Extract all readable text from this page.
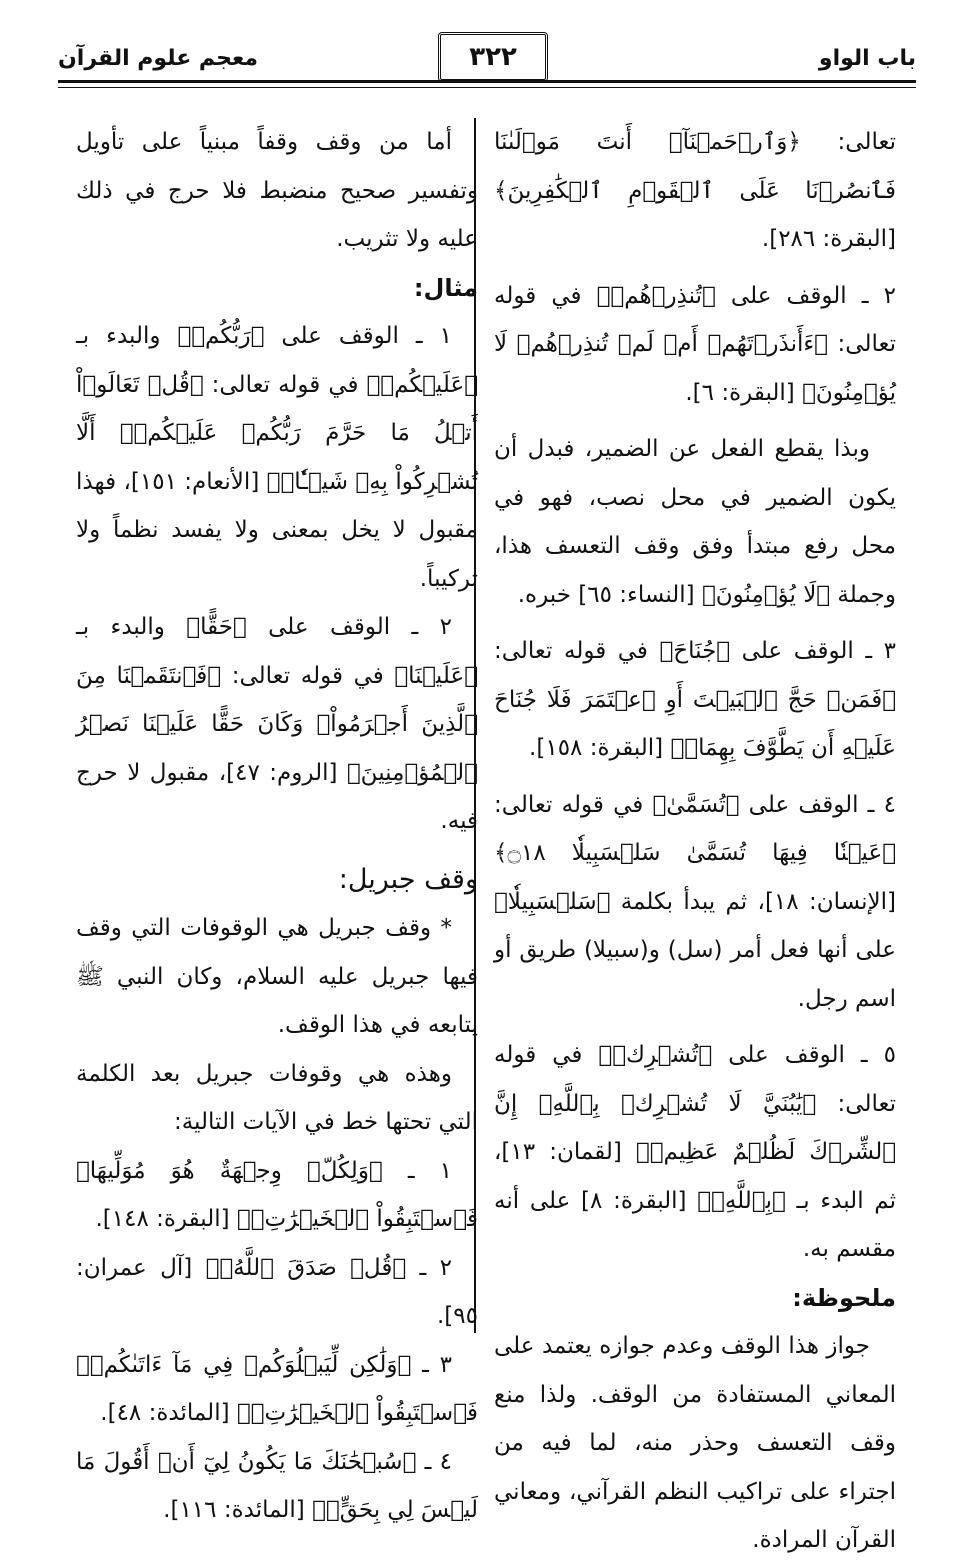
باب الواو
٣٢٢
معجم علوم القرآن

تعالى: ﴿وَٱرۡحَمۡنَآۚ أَنتَ مَوۡلَىٰنَا فَٱنصُرۡنَا عَلَى ٱلۡقَوۡمِ ٱلۡكَٰفِرِينَ﴾ [البقرة: ٢٨٦].

٢ ـ الوقف على ﴿تُنذِرۡهُمۡ﴾ في قوله تعالى: ﴿ءَأَنذَرۡتَهُمۡ أَمۡ لَمۡ تُنذِرۡهُمۡ لَا يُؤۡمِنُونَ﴾ [البقرة: ٦].

وبذا يقطع الفعل عن الضمير، فبدل أن يكون الضمير في محل نصب، فهو في محل رفع مبتدأ وفق وقف التعسف هذا، وجملة ﴿لَا يُؤۡمِنُونَ﴾ [النساء: ٦٥] خبره.

٣ ـ الوقف على ﴿جُنَاحَ﴾ في قوله تعالى: ﴿فَمَنۡ حَجَّ ٱلۡبَيۡتَ أَوِ ٱعۡتَمَرَ فَلَا جُنَاحَ عَلَيۡهِ أَن يَطَّوَّفَ بِهِمَاۚ﴾ [البقرة: ١٥٨].

٤ ـ الوقف على ﴿تُسَمَّىٰ﴾ في قوله تعالى: ﴿عَيۡنٗا فِيهَا تُسَمَّىٰ سَلۡسَبِيلٗا ۝١٨﴾ [الإنسان: ١٨]، ثم يبدأ بكلمة ﴿سَلۡسَبِيلٗا﴾ على أنها فعل أمر (سل) و(سبيلا) طريق أو اسم رجل.

٥ ـ الوقف على ﴿تُشۡرِكۡ﴾ في قوله تعالى: ﴿يَٰبُنَيَّ لَا تُشۡرِكۡ بِٱللَّهِۖ إِنَّ ٱلشِّرۡكَ لَظُلۡمٌ عَظِيمٞ﴾ [لقمان: ١٣]، ثم البدء بـ ﴿بِٱللَّهِۖ﴾ [البقرة: ٨] على أنه مقسم به.

ملحوظة:

جواز هذا الوقف وعدم جوازه يعتمد على المعاني المستفادة من الوقف. ولذا منع وقف التعسف وحذر منه، لما فيه من اجتراء على تراكيب النظم القرآني، ومعاني القرآن المرادة.

أما من وقف وقفاً مبنياً على تأويل وتفسير صحيح منضبط فلا حرج في ذلك عليه ولا تثريب.

مثال:

١ ـ الوقف على ﴿رَبُّكُمۡ﴾ والبدء بـ ﴿عَلَيۡكُمۡ﴾ في قوله تعالى: ﴿قُلۡ تَعَالَوۡاْ أَتۡلُ مَا حَرَّمَ رَبُّكُمۡ عَلَيۡكُمۡۖ أَلَّا تُشۡرِكُواْ بِهِۦ شَيۡـٔٗاۖ﴾ [الأنعام: ١٥١]، فهذا مقبول لا يخل بمعنى ولا يفسد نظماً ولا تركيباً.

٢ ـ الوقف على ﴿حَقًّا﴾ والبدء بـ ﴿عَلَيۡنَا﴾ في قوله تعالى: ﴿فَٱنتَقَمۡنَا مِنَ ٱلَّذِينَ أَجۡرَمُواْۖ وَكَانَ حَقًّا عَلَيۡنَا نَصۡرُ ٱلۡمُؤۡمِنِينَ﴾ [الروم: ٤٧]، مقبول لا حرج فيه.

وقف جبريل:

* وقف جبريل هي الوقوفات التي وقف فيها جبريل عليه السلام، وكان النبي ﷺ يتابعه في هذا الوقف.

وهذه هي وقوفات جبريل بعد الكلمة التي تحتها خط في الآيات التالية:

١ ـ ﴿وَلِكُلّٖ وِجۡهَةٌ هُوَ مُوَلِّيهَاۖ فَٱسۡتَبِقُواْ ٱلۡخَيۡرَٰتِۚ﴾ [البقرة: ١٤٨].

٢ ـ ﴿قُلۡ صَدَقَ ٱللَّهُۗ﴾ [آل عمران: ٩٥].

٣ ـ ﴿وَلَٰكِن لِّيَبۡلُوَكُمۡ فِي مَآ ءَاتَىٰكُمۡۖ فَٱسۡتَبِقُواْ ٱلۡخَيۡرَٰتِۚ﴾ [المائدة: ٤٨].

٤ ـ ﴿سُبۡحَٰنَكَ مَا يَكُونُ لِيٓ أَنۡ أَقُولَ مَا لَيۡسَ لِي بِحَقٍّۚ﴾ [المائدة: ١١٦].
